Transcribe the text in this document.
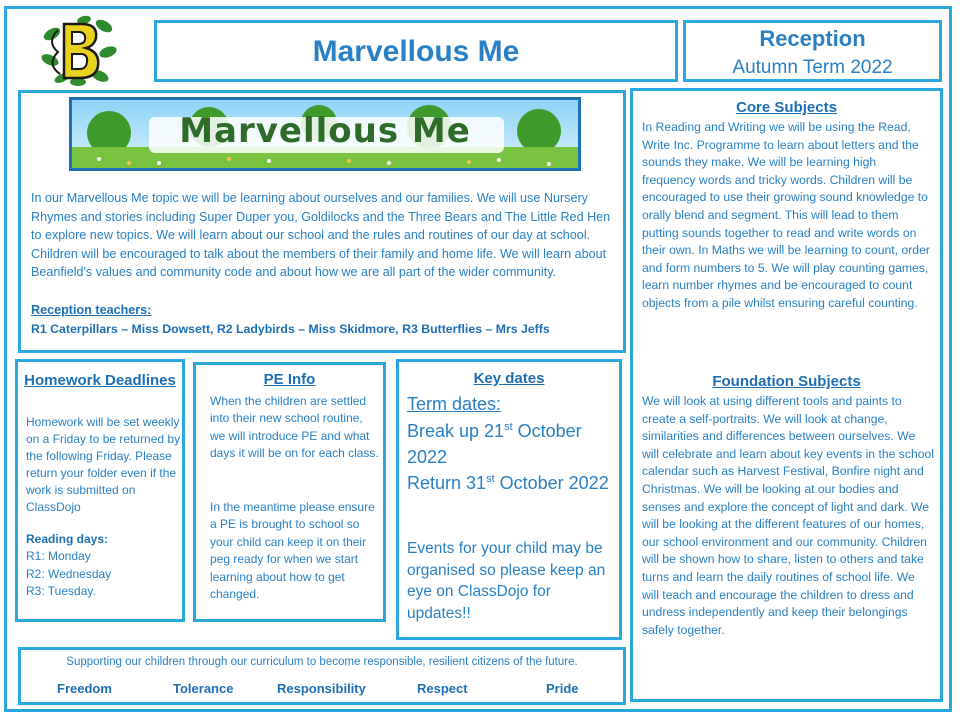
Marvellous Me	Reception
Autumn Term 2022
Marvellous Me
In our Marvellous Me topic we will be learning about ourselves and our families. We will use Nursery Rhymes and stories including Super Duper you, Goldilocks and the Three Bears and The Little Red Hen to explore new topics. We will learn about our school and the rules and routines of our day at school. Children will be encouraged to talk about the members of their family and home life. We will learn about Beanfield's values and community code and about how we are all part of the wider community.
Reception teachers:
R1 Caterpillars – Miss Dowsett, R2 Ladybirds – Miss Skidmore, R3 Butterflies – Mrs Jeffs
Core Subjects
In Reading and Writing we will be using the Read, Write Inc. Programme to learn about letters and the sounds they make. We will be learning high frequency words and tricky words. Children will be encouraged to use their growing sound knowledge to orally blend and segment. This will lead to them putting sounds together to read and write words on their own. In Maths we will be learning to count, order and form numbers to 5. We will play counting games, learn number rhymes and be encouraged to count objects from a pile whilst ensuring careful counting.
Foundation Subjects
We will look at using different tools and paints to create a self-portraits. We will look at change, similarities and differences between ourselves. We will celebrate and learn about key events in the school calendar such as Harvest Festival, Bonfire night and Christmas. We will be looking at our bodies and senses and explore the concept of light and dark. We will be looking at the different features of our homes, our school environment and our community. Children will be shown how to share, listen to others and take turns and learn the daily routines of school life. We will teach and encourage the children to dress and undress independently and keep their belongings safely together.
Homework Deadlines
Homework will be set weekly on a Friday to be returned by the following Friday. Please return your folder even if the work is submitted on ClassDojo
Reading days:
R1: Monday
R2: Wednesday
R3: Tuesday.
PE Info
When the children are settled into their new school routine, we will introduce PE and what days it will be on for each class.
In the meantime please ensure a PE is brought to school so your child can keep it on their peg ready for when we start learning about how to get changed.
Key dates
Term dates:
Break up 21st October 2022
Return 31st October 2022
Events for your child may be organised so please keep an eye on ClassDojo for updates!!
Supporting our children through our curriculum to become responsible, resilient citizens of the future.
Freedom	Tolerance	Responsibility	Respect	Pride
